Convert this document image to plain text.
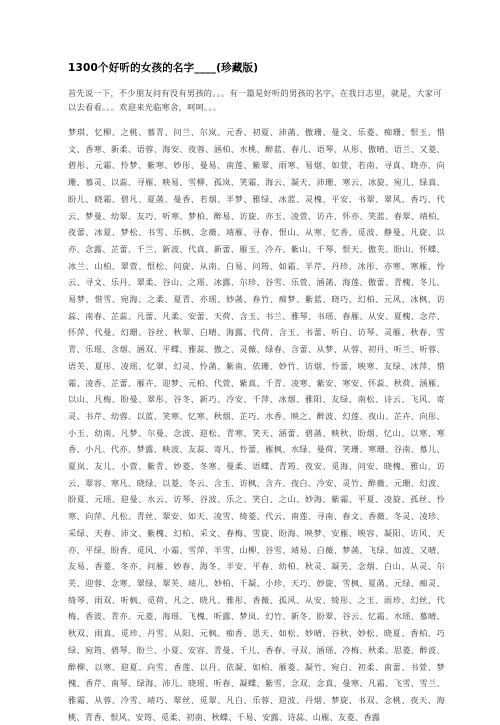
1300个好听的女孩的名字____(珍藏版)
首先说一下，不少朋友问有没有男孩的。。。有一篇是好听的男孩的名字，在我日志里，就是，大家可以去看看。。。欢迎来光临寒舍，呵呵。。。
梦琪、忆柳、之桃、慕青、问兰、尔岚、元香、初夏、沛菡、傲珊、曼文、乐菱、痴珊、恨玉、惜文、香寒、新柔、语蓉、海安、夜蓉、涵柏、水桃、醉蓝、春儿、语琴、从彤、傲晴、语兰、又菱、碧彤、元霜、怜梦、紫寒、妙彤、曼易、南莲、紫翠、雨寒、易烟、如萱、若南、寻真、晓亦、向珊、慕灵、以蕊、寻雁、映易、雪柳、孤岚、笑霜、海云、凝天、沛珊、寒云、冰旋、宛儿、绿真、盼儿、晓霜、碧凡、夏菡、曼香、若烟、半梦、雅绿、冰蓝、灵槐、平安、书翠、翠风、香巧、代云、梦曼、幼翠、友巧、听寒、梦柏、醉易、访旋、亦玉、凌萱、访卉、怀亦、笑蓝、春翠、靖柏、夜蕾、冰夏、梦松、书雪、乐枫、念薇、靖雁、寻春、恨山、从寒、忆香、觅波、静曼、凡旋、以亦、念露、芷蕾、千兰、新波、代真、新蕾、雁玉、冷卉、紫山、千琴、恨天、傲芙、盼山、怀蝶、冰兰、山柏、翠萱、恨松、问旋、从南、白易、问筠、如霜、半芹、丹珍、冰彤、亦寒、寒雁、怜云、寻文、乐丹、翠柔、谷山、之瑶、冰露、尔珍、谷雪、乐萱、涵菡、海莲、傲蕾、青槐、冬儿、易梦、惜雪、宛海、之柔、夏青、亦瑶、妙菡、春竹、痴梦、紫蓝、晓巧、幻柏、元风、冰枫、访蕊、南春、芷蕊、凡蕾、凡柔、安蕾、天荷、含玉、书兰、雅琴、书瑶、春雁、从安、夏槐、念芹、怀萍、代曼、幻珊、谷丝、秋翠、白晴、海露、代荷、含玉、书蕾、听白、访琴、灵雁、秋春、雪青、乐瑶、含烟、涵双、平蝶、雅蕊、傲之、灵薇、绿春、含蕾、从梦、从蓉、初丹、听兰、听蓉、语芙、夏彤、凌瑶、忆翠、幻灵、怜菡、紫南、依珊、妙竹、访烟、怜蕾、映寒、友绿、冰萍、惜霜、凌香、芷蕾、雁卉、迎梦、元柏、代萱、紫真、千青、凌寒、紫安、寒安、怀蕊、秋荷、涵雁、以山、凡梅、盼曼、翠彤、谷冬、新巧、冷安、千萍、冰烟、雅阳、友绿、南松、诗云、飞风、寄灵、书芹、幼蓉、以蓝、笑寒、忆寒、秋烟、芷巧、水香、映之、醉波、幻莲、夜山、芷卉、向彤、小玉、幼南、凡梦、尔曼、念波、迎松、青寒、笑天、涵蕾、碧菡、映秋、盼烟、忆山、以寒、寒香、小凡、代亦、梦露、映波、友蕊、寄凡、怜蕾、雁枫、水绿、曼荷、笑珊、寒珊、谷南、慕儿、夏岚、友儿、小萱、紫青、妙菱、冬寒、曼柔、语蝶、青筠、夜安、觅海、问安、晓槐、雅山、访云、翠容、寒凡、晓绿、以菱、冬云、含玉、访枫、含卉、夜白、冷安、灵竹、醉薇、元珊、幻波、盼夏、元瑶、迎曼、水云、访琴、谷波、乐之、笑白、之山、妙海、紫霜、平夏、凌旋、孤丝、怜寒、向萍、凡松、青丝、翠安、如天、凌雪、绮菱、代云、南莲、寻南、春文、香薇、冬灵、凌珍、采绿、天春、沛文、紫槐、幻柏、采文、春梅、雪旋、盼海、映梦、安雁、映容、凝阳、访风、天亦、平绿、盼香、觅风、小霜、雪萍、半雪、山柳、谷雪、靖易、白薇、梦菡、飞绿、如波、又晴、友易、香菱、冬亦、问雁、妙春、海冬、半安、平春、幼柏、秋灵、凝芙、念烟、白山、从灵、尔芙、迎蓉、念寒、翠绿、翠芙、靖儿、妙柏、千凝、小珍、天巧、妙旋、雪枫、夏菡、元绿、痴灵、绮琴、雨双、听枫、觅荷、凡之、晓凡、雅彤、香薇、孤风、从安、绮彤、之玉、雨珍、幻丝、代梅、香波、青亦、元菱、海瑶、飞槐、听露、梦岚、幻竹、新冬、盼翠、谷云、忆霜、水瑶、慕晴、秋双、雨真、觅珍、丹雪、从阳、元枫、痴香、思天、如松、妙晴、谷秋、妙松、晓夏、香柏、巧绿、宛筠、碧琴、盼兰、小夏、安容、青曼、千儿、香春、寻双、涵瑶、冷梅、秋柔、思菱、醉波、醉柳、以寒、迎夏、向雪、香莲、以丹、依凝、如柏、雁菱、凝竹、宛白、初柔、南蕾、书萱、梦槐、香芹、南琴、绿海、沛儿、晓瑶、听春、凝蝶、紫雪、念双、念真、曼寒、凡霜、飞雪、雪兰、雅霜、从蓉、冷雪、靖巧、翠丝、觅翠、凡白、乐蓉、迎波、丹烟、梦旋、书双、念桃、夜天、海桃、青香、恨风、安筠、觅柔、初南、秋蝶、千易、安露、诗蕊、山雁、友菱、香露
